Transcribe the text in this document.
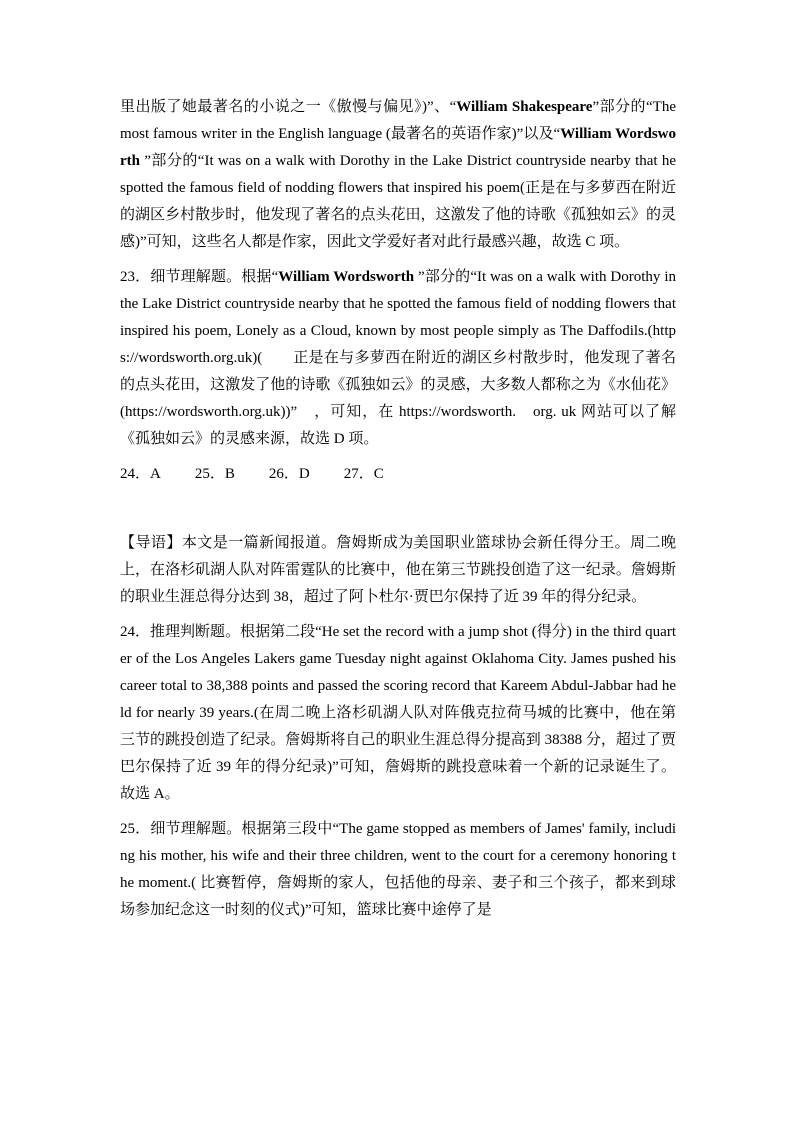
里出版了她最著名的小说之一《傲慢与偏见》)”、“William Shakespeare”部分的“The most famous writer in the English language (最著名的英语作家)”以及“William Wordsworth ”部分的“It was on a walk with Dorothy in the Lake District countryside nearby that he spotted the famous field of nodding flowers that inspired his poem(正是在与多萝西在附近的湖区乡村散步时，他发现了著名的点头花田，这激发了他的诗歌《孤独如云》的灵感)”可知，这些名人都是作家，因此文学爱好者对此行最感兴趣，故选 C 项。

23．细节理解题。根据“William Wordsworth ”部分的“It was on a walk with Dorothy in the Lake District countryside nearby that he spotted the famous field of nodding flowers that inspired his poem, Lonely as a Cloud, known by most people simply as The Daffodils.(https://wordsworth.org.uk)(　　正是在与多萝西在附近的湖区乡村散步时，他发现了著名的点头花田，这激发了他的诗歌《孤独如云》的灵感，大多数人都称之为《水仙花》 (https://wordsworth.org.uk))”　，可知，在 https://wordsworth.　org. uk 网站可以了解《孤独如云》的灵感来源，故选 D 项。

24．A 25．B 26．D 27．C

【导语】本文是一篇新闻报道。詹姆斯成为美国职业篮球协会新任得分王。周二晚上，在洛杉矶湖人队对阵雷霆队的比赛中，他在第三节跳投创造了这一纪录。詹姆斯的职业生涯总得分达到 38，超过了阿卜杜尔·贾巴尔保持了近 39 年的得分纪录。

24．推理判断题。根据第二段“He set the record with a jump shot (得分) in the third quarter of the Los Angeles Lakers game Tuesday night against Oklahoma City. James pushed his career total to 38,388 points and passed the scoring record that Kareem Abdul-Jabbar had held for nearly 39 years.(在周二晚上洛杉矶湖人队对阵俄克拉荷马城的比赛中，他在第三节的跳投创造了纪录。詹姆斯将自己的职业生涯总得分提高到 38388 分，超过了贾巴尔保持了近 39 年的得分纪录)”可知，詹姆斯的跳投意味着一个新的记录诞生了。故选 A。

25．细节理解题。根据第三段中“The game stopped as members of James' family, including his mother, his wife and their three children, went to the court for a ceremony honoring the moment.( 比赛暂停，詹姆斯的家人，包括他的母亲、妻子和三个孩子，都来到球场参加纪念这一时刻的仪式)”可知，篮球比赛中途停了是
